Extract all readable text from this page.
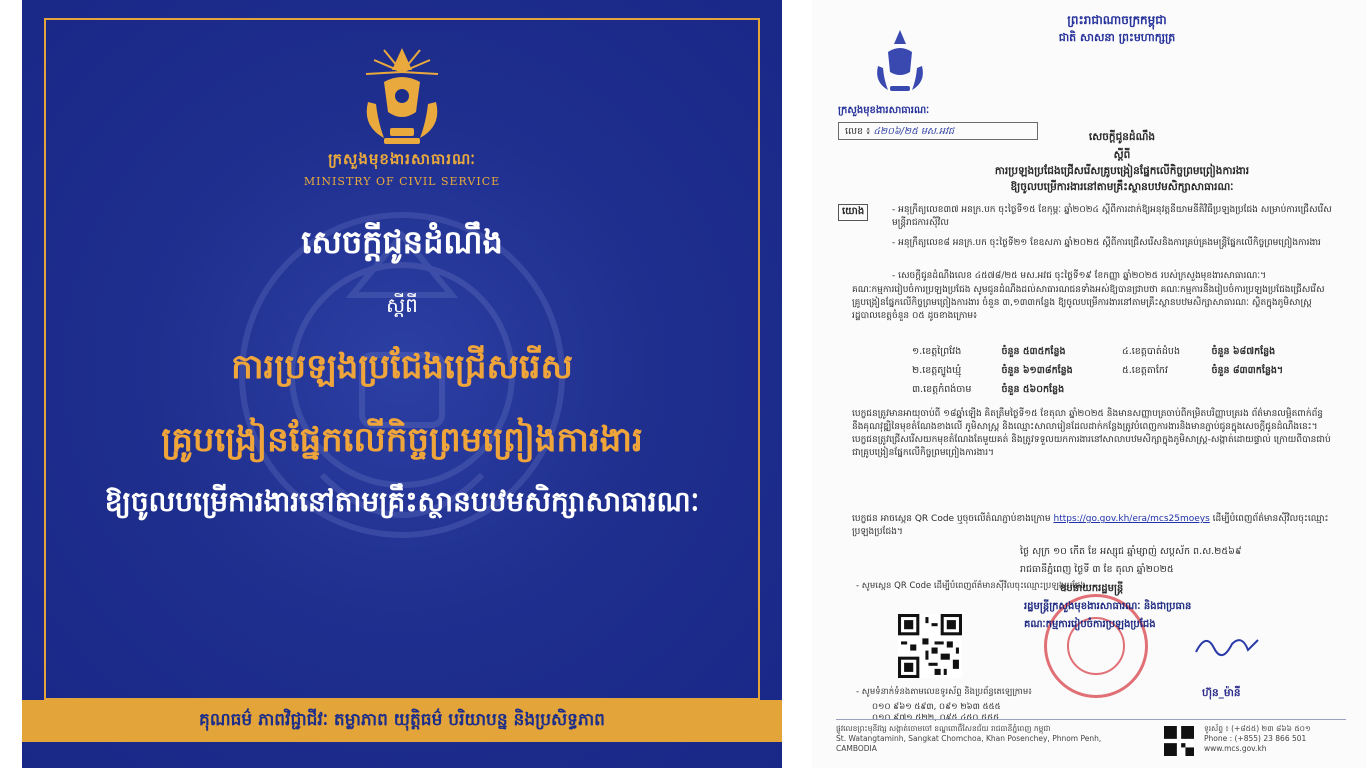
ក្រសួងមុខងារសាធារណៈ
MINISTRY OF CIVIL SERVICE
សេចក្ដីជូនដំណឹង
ស្ដីពី
ការប្រឡងប្រជែងជ្រើសរើស
គ្រូបង្រៀនផ្នែកលើកិច្ចព្រមព្រៀងការងារ
ឱ្យចូលបម្រើការងារនៅតាមគ្រឹះស្ថានបឋមសិក្សាសាធារណៈ
គុណធម៌ ភាពវិជ្ជាជីវៈ តម្លាភាព យុត្តិធម៌ បរិយាបន្ន និងប្រសិទ្ធភាព
ព្រះរាជាណាចក្រកម្ពុជា
ជាតិ សាសនា ព្រះមហាក្សត្រ
ក្រសួងមុខងារសាធារណៈ
លេខ ៖ ៤២០៦/២៥ មស.អវជ	សេចក្ដីជូនដំណឹង
ស្ដីពី
ការប្រឡងប្រជែងជ្រើសរើសគ្រូបង្រៀនផ្នែកលើកិច្ចព្រមព្រៀងការងារ
ឱ្យចូលបម្រើការងារនៅតាមគ្រឹះស្ថានបឋមសិក្សាសាធារណៈ
យោង	- អនុក្រឹត្យលេខ៣៧ អនក្រ.បក ចុះថ្ងៃទី១៥ ខែកុម្ភៈ ឆ្នាំ២០២៤ ស្ដីពីការដាក់ឱ្យអនុវត្តនីយាមនីតិវិធីប្រឡងប្រជែង សម្រាប់ការជ្រើសរើសមន្ត្រីរាជការស៊ីវិល
- អនុក្រឹត្យលេខ៨ អនក្រ.បក ចុះថ្ងៃទី២១ ខែឧសភា ឆ្នាំ២០២៥ ស្ដីពីការជ្រើសរើសនិងការគ្រប់គ្រងមន្ត្រីផ្នែកលើកិច្ចព្រមព្រៀងការងារ
- សេចក្ដីជូនដំណឹងលេខ ៤៥៧៨/២៥ មស.អវជ ចុះថ្ងៃទី១៩ ខែកញ្ញា ឆ្នាំ២០២៥ របស់ក្រសួងមុខងារសាធារណៈ។
គណៈកម្មការរៀបចំការប្រឡងប្រជែង សូមជូនដំណឹងដល់សាធារណជនទាំងអស់ឱ្យបានជ្រាបថា គណៈកម្មការនឹងរៀបចំការប្រឡងប្រជែងជ្រើសរើសគ្រូបង្រៀនផ្នែកលើកិច្ចព្រមព្រៀងការងារ ចំនួន ៣,១៣៣កន្លែង ឱ្យចូលបម្រើការងារនៅតាមគ្រឹះស្ថានបឋមសិក្សាសាធារណៈ ស្ថិតក្នុងភូមិសាស្ត្ររដ្ឋបាលខេត្តចំនួន ០៥ ដូចខាងក្រោម៖
១.ខេត្តព្រៃវែង	ចំនួន ៥៣៥កន្លែង	៤.ខេត្តបាត់ដំបង	ចំនួន ៦៨៧កន្លែង
២.ខេត្តត្បូងឃ្មុំ	ចំនួន ៦១៣៨កន្លែង	៥.ខេត្តតាកែវ	ចំនួន ៨៣៣កន្លែង។
៣.ខេត្តកំពង់ចាម	ចំនួន ៥៦០កន្លែង
បេក្ខជនត្រូវមានអាយុចាប់ពី ១៨ឆ្នាំឡើង គិតត្រឹមថ្ងៃទី១៥ ខែតុលា ឆ្នាំ២០២៥ និងមានសញ្ញាបត្រចាប់ពីកម្រិតបរិញ្ញាបត្ររង ព័ត៌មានលម្អិតពាក់ព័ន្ធនឹងគុណវុឌ្ឍិនៃមុខតំណែងខាងលើ ភូមិសាស្ត្រ និងឈ្មោះសាលារៀនដែលដាក់កន្លែងត្រូវបំពេញការងារនិងមានភ្ជាប់ជូនក្នុងសេចក្ដីជូនដំណឹងនេះ។ បេក្ខជនត្រូវជ្រើសរើសយកមុខតំណែងតែមួយគត់ និងត្រូវទទួលយកការងារនៅសាលាបឋមសិក្សាក្នុងភូមិសាស្ត្រ-សង្កាត់ដោយផ្ទាល់ ក្រោយពីបានជាប់ជាគ្រូបង្រៀនផ្នែកលើកិច្ចព្រមព្រៀងការងារ។
បេក្ខជន អាចស្កេន QR Code ឬចុចលើតំណភ្ជាប់ខាងក្រោម https://go.gov.kh/era/mcs25moeys ដើម្បីបំពេញព័ត៌មានស៊ីវិលចុះឈ្មោះប្រឡងប្រជែង។
ថ្ងៃ សុក្រ ១០ កើត ខែ អស្សុជ ឆ្នាំម្សាញ់ សប្ដស័ក ព.ស.២៥៦៩
រាជធានីភ្នំពេញ ថ្ងៃទី ៣ ខែ តុលា ឆ្នាំ២០២៥
- សូមស្កេន QR Code ដើម្បីបំពេញព័ត៌មានស៊ីវិលចុះឈ្មោះប្រឡងប្រជែង
- សូមទំនាក់ទំនងតាមលេខទូរស័ព្ទ និងប្រព័ន្ធតេឡេក្រាម៖
០១០ ៩៦១ ៥៩៣, ០៩១ ២៦៣ ៥៥៥
ឧបនាយករដ្ឋមន្ត្រី
រដ្ឋមន្ត្រីក្រសួងមុខងារសាធារណៈ និងជាប្រធាន
គណៈកម្មការរៀបចំការប្រឡងប្រជែង
ហ៊ុន_ម៉ានី
ផ្លូវលេខព្រះមុនីវង្ស សង្កាត់ចោមចៅ ខណ្ឌពោធិ៍សែនជ័យ រាជធានីភ្នំពេញ កម្ពុជា
St. Watangtaminh, Sangkat Chomchoa, Khan Posenchey, Phnom Penh, CAMBODIA
ទូរស័ព្ទ ៖ (+៨៥៥) ២៣ ៨៦៦ ៥០១
Phone : (+855) 23 866 501
www.mcs.gov.kh
